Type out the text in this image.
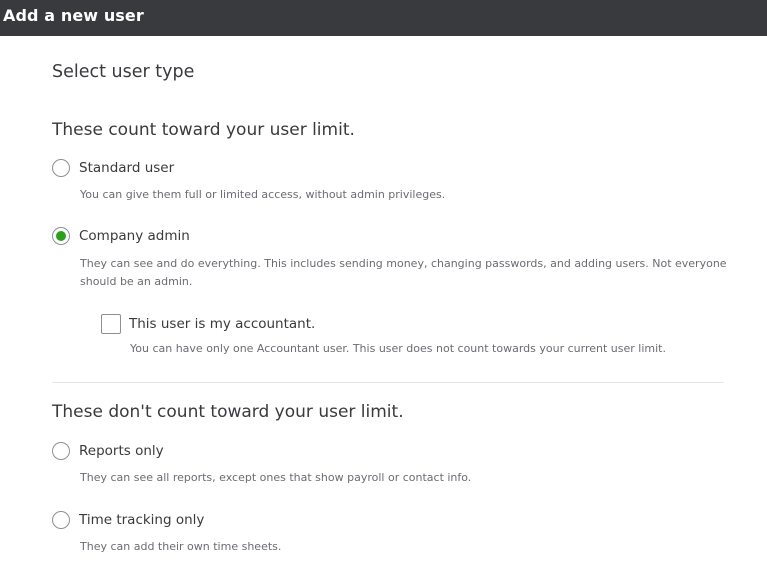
Add a new user
Select user type
These count toward your user limit.
Standard user
You can give them full or limited access, without admin privileges.
Company admin
They can see and do everything. This includes sending money, changing passwords, and adding users. Not everyone should be an admin.
This user is my accountant.
You can have only one Accountant user. This user does not count towards your current user limit.
These don't count toward your user limit.
Reports only
They can see all reports, except ones that show payroll or contact info.
Time tracking only
They can add their own time sheets.
